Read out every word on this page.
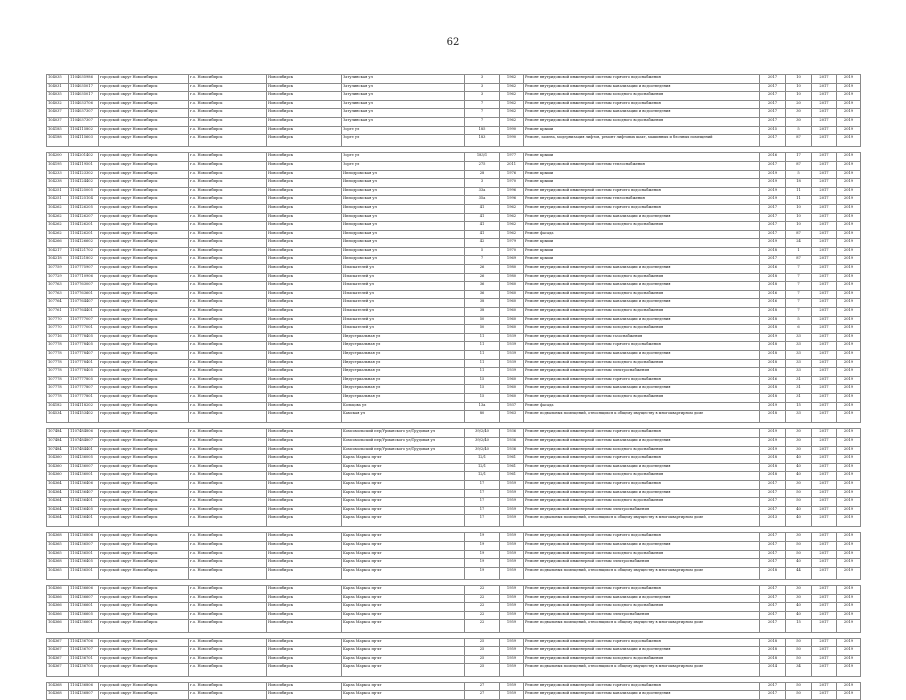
62
104035	1104035986	городской округ Новосибирск	г.о. Новосибирск	Новосибирск	Затулинская ул	3	1962	Ремонт внутридомовой инженерной системы горячего водоснабжения	2017	10	2017	2019
104031	1104035017	городской округ Новосибирск	г.о. Новосибирск	Новосибирск	Затулинская ул	3	1962	Ремонт внутридомовой инженерной системы канализации и водоотведения	2017	10	2017	2019
104035	1104035017	городской округ Новосибирск	г.о. Новосибирск	Новосибирск	Затулинская ул	3	1962	Ремонт внутридомовой инженерной системы холодного водоснабжения	2017	10	2017	2019
104032	1104033706	городской округ Новосибирск	г.о. Новосибирск	Новосибирск	Затулинская ул	7	1962	Ремонт внутридомовой инженерной системы горячего водоснабжения	2017	20	2017	2019
104037	1104037307	городской округ Новосибирск	г.о. Новосибирск	Новосибирск	Затулинская ул	7	1962	Ремонт внутридомовой инженерной системы канализации и водоотведения	2017	30	2017	2019
104037	1104037307	городской округ Новосибирск	г.о. Новосибирск	Новосибирск	Затулинская ул	7	1962	Ремонт внутридомовой инженерной системы холодного водоснабжения	2017	30	2017	2019
104185	1104115802	городской округ Новосибирск	г.о. Новосибирск	Новосибирск	Зорге ул	185	1990	Ремонт крыши	2015	5	2017	2019
104188	1104115603	городской округ Новосибирск	г.о. Новосибирск	Новосибирск	Зорге ул	183	1990	Ремонт, замена, модернизация лифтов, ремонт лифтовых шахт, машинных и блочных помещений	2017	87	2017	2019

104200	1104201402	городской округ Новосибирск	г.о. Новосибирск	Новосибирск	Зорге ул	183/1	1977	Ремонт крыши	2016	17	2017	2019
104195	1104119501	городской округ Новосибирск	г.о. Новосибирск	Новосибирск	Зорге ул	275	2011	Ремонт внутридомовой инженерной системы теплоснабжения	2017	87	2017	2019
104233	1104123302	городской округ Новосибирск	г.о. Новосибирск	Новосибирск	Ипподромская ул	28	1976	Ремонт крыши	2019	5	2017	2019
104238	1104124402	городской округ Новосибирск	г.о. Новосибирск	Новосибирск	Ипподромская ул	3	1970	Ремонт крыши	2019	18	2017	2019
104251	1104125005	городской округ Новосибирск	г.о. Новосибирск	Новосибирск	Ипподромская ул	33а	1996	Ремонт внутридомовой инженерной системы горячего водоснабжения	2019	11	2017	2019
104251	1104125104	городской округ Новосибирск	г.о. Новосибирск	Новосибирск	Ипподромская ул	35а	1996	Ремонт внутридомовой инженерной системы теплоснабжения	2019	11	2017	2019
104262	1104126205	городской округ Новосибирск	г.о. Новосибирск	Новосибирск	Ипподромская ул	41	1962	Ремонт внутридомовой инженерной системы горячего водоснабжения	2017	10	2017	2019
104262	1104126207	городской округ Новосибирск	г.о. Новосибирск	Новосибирск	Ипподромская ул	41	1962	Ремонт внутридомовой инженерной системы канализации и водоотведения	2017	10	2017	2019
104262	1104126201	городской округ Новосибирск	г.о. Новосибирск	Новосибирск	Ипподромская ул	41	1962	Ремонт внутридомовой инженерной системы холодного водоснабжения	2017	10	2017	2019
104262	1104126201	городской округ Новосибирск	г.о. Новосибирск	Новосибирск	Ипподромская ул	41	1962	Ремонт фасада	2017	87	2017	2019
104266	1104126602	городской округ Новосибирск	г.о. Новосибирск	Новосибирск	Ипподромская ул	42	1979	Ремонт крыши	2019	24	2017	2019
104217	1104121702	городской округ Новосибирск	г.о. Новосибирск	Новосибирск	Ипподромская ул	5	1970	Ремонт крыши	2018	1	2017	2019
104218	1104121802	городской округ Новосибирск	г.о. Новосибирск	Новосибирск	Ипподромская ул	7	1969	Ремонт крыши	2017	87	2017	2019
107759	1107775907	городской округ Новосибирск	г.о. Новосибирск	Новосибирск	Изыскателей ул	26	1980	Ремонт внутридомовой инженерной системы канализации и водоотведения	2016	7	2017	2019
107729	1107710906	городской округ Новосибирск	г.о. Новосибирск	Новосибирск	Изыскателей ул	26	1980	Ремонт внутридомовой инженерной системы холодного водоснабжения	2018	7	2017	2019
107763	1107763007	городской округ Новосибирск	г.о. Новосибирск	Новосибирск	Изыскателей ул	36	1960	Ремонт внутридомовой инженерной системы канализации и водоотведения	2018	7	2017	2019
107763	1107763601	городской округ Новосибирск	г.о. Новосибирск	Новосибирск	Изыскателей ул	36	1960	Ремонт внутридомовой инженерной системы холодного водоснабжения	2016	7	2017	2019
107764	1107764407	городской округ Новосибирск	г.о. Новосибирск	Новосибирск	Изыскателей ул	38	1960	Ремонт внутридомовой инженерной системы канализации и водоотведения	2016	7	2017	2019
107761	1107764401	городской округ Новосибирск	г.о. Новосибирск	Новосибирск	Изыскателей ул	38	1960	Ремонт внутридомовой инженерной системы холодного водоснабжения	2018	7	2017	2019
107770	1107777007	городской округ Новосибирск	г.о. Новосибирск	Новосибирск	Изыскателей ул	50	1960	Ремонт внутридомовой инженерной системы канализации и водоотведения	2018	5	2017	2019
107770	1107777001	городской округ Новосибирск	г.о. Новосибирск	Новосибирск	Изыскателей ул	50	1960	Ремонт внутридомовой инженерной системы холодного водоснабжения	2018	6	2017	2019
107716	1107778405	городской округ Новосибирск	г.о. Новосибирск	Новосибирск	Индустриальная ул	11	1939	Ремонт внутридомовой инженерной системы газоснабжения	2019	33	2017	2019
107778	1107778405	городской округ Новосибирск	г.о. Новосибирск	Новосибирск	Индустриальная ул	11	1939	Ремонт внутридомовой инженерной системы горячего водоснабжения	2018	33	2017	2019
107778	1107778407	городской округ Новосибирск	г.о. Новосибирск	Новосибирск	Индустриальная ул	11	1939	Ремонт внутридомовой инженерной системы канализации и водоотведения	2018	33	2017	2019
107778	1107778401	городской округ Новосибирск	г.о. Новосибирск	Новосибирск	Индустриальная ул	11	1939	Ремонт внутридомовой инженерной системы холодного водоснабжения	2018	33	2017	2019
107778	1107778405	городской округ Новосибирск	г.о. Новосибирск	Новосибирск	Индустриальная ул	11	1939	Ремонт внутридомовой инженерной системы электроснабжения	2018	33	2017	2019
107778	1107777805	городской округ Новосибирск	г.о. Новосибирск	Новосибирск	Индустриальная ул	15	1960	Ремонт внутридомовой инженерной системы горячего водоснабжения	2016	31	2017	2019
107778	1107777807	городской округ Новосибирск	г.о. Новосибирск	Новосибирск	Индустриальная ул	15	1960	Ремонт внутридомовой инженерной системы канализации и водоотведения	2018	31	2017	2019
107778	1107777801	городской округ Новосибирск	г.о. Новосибирск	Новосибирск	Индустриальная ул	15	1960	Ремонт внутридомовой инженерной системы холодного водоснабжения	2018	31	2017	2019
104182	1104118202	городской округ Новосибирск	г.о. Новосибирск	Новосибирск	Кольцова ул	13а	1937	Ремонт фасада	2019	15	2017	2019
104534	1104153402	городской округ Новосибирск	г.о. Новосибирск	Новосибирск	Камская ул	80	1963	Ремонт подвальных помещений, относящихся к общему имуществу в многоквартирном доме	2018	33	2017	2019

107484	1107484806	городской округ Новосибирск	г.о. Новосибирск	Новосибирск	Комсомольский пер/Урманского ул/Трудовая ул	39/2/40	1936	Ремонт внутридомовой инженерной системы горячего водоснабжения	2019	30	2017	2019
107484	1107484807	городской округ Новосибирск	г.о. Новосибирск	Новосибирск	Комсомольский пер/Урманского ул/Трудовая ул	39/2/40	1936	Ремонт внутридомовой инженерной системы канализации и водоотведения	2019	30	2017	2019
107484	1107484401	городской округ Новосибирск	г.о. Новосибирск	Новосибирск	Комсомольский пер/Урманского ул/Трудовая ул	39/2/40	1936	Ремонт внутридомовой инженерной системы холодного водоснабжения	2019	30	2017	2019
104360	1104136005	городской округ Новосибирск	г.о. Новосибирск	Новосибирск	Карла Маркса пр-кт	12/1	1961	Ремонт внутридомовой инженерной системы горячего водоснабжения	2018	40	2017	2019
104360	1104136007	городской округ Новосибирск	г.о. Новосибирск	Новосибирск	Карла Маркса пр-кт	12/1	1961	Ремонт внутридомовой инженерной системы канализации и водоотведения	2018	40	2017	2019
104360	1104136001	городской округ Новосибирск	г.о. Новосибирск	Новосибирск	Карла Маркса пр-кт	12/1	1961	Ремонт внутридомовой инженерной системы холодного водоснабжения	2018	40	2017	2019
104364	1104136406	городской округ Новосибирск	г.о. Новосибирск	Новосибирск	Карла Маркса пр-кт	17	1959	Ремонт внутридомовой инженерной системы горячего водоснабжения	2017	30	2017	2019
104364	1104136407	городской округ Новосибирск	г.о. Новосибирск	Новосибирск	Карла Маркса пр-кт	17	1959	Ремонт внутридомовой инженерной системы канализации и водоотведения	2017	50	2017	2019
104364	1104136401	городской округ Новосибирск	г.о. Новосибирск	Новосибирск	Карла Маркса пр-кт	17	1959	Ремонт внутридомовой инженерной системы холодного водоснабжения	2017	50	2017	2019
104364	1104136405	городской округ Новосибирск	г.о. Новосибирск	Новосибирск	Карла Маркса пр-кт	17	1959	Ремонт внутридомовой инженерной системы электроснабжения	2017	40	2017	2019
104364	1104136401	городской округ Новосибирск	г.о. Новосибирск	Новосибирск	Карла Маркса пр-кт	17	1959	Ремонт подвальных помещений, относящихся к общему имуществу в многоквартирном доме	2013	40	2017	2019

104368	1104136806	городской округ Новосибирск	г.о. Новосибирск	Новосибирск	Карла Маркса пр-кт	19	1959	Ремонт внутридомовой инженерной системы горячего водоснабжения	2017	30	2017	2019
104365	1104136507	городской округ Новосибирск	г.о. Новосибирск	Новосибирск	Карла Маркса пр-кт	19	1959	Ремонт внутридомовой инженерной системы канализации и водоотведения	2017	50	2017	2019
104365	1104136501	городской округ Новосибирск	г.о. Новосибирск	Новосибирск	Карла Маркса пр-кт	19	1959	Ремонт внутридомовой инженерной системы холодного водоснабжения	2017	50	2017	2019
104368	1104136405	городской округ Новосибирск	г.о. Новосибирск	Новосибирск	Карла Маркса пр-кт	19	1959	Ремонт внутридомовой инженерной системы электроснабжения	2017	40	2017	2019
104365	1104136501	городской округ Новосибирск	г.о. Новосибирск	Новосибирск	Карла Маркса пр-кт	19	1959	Ремонт подвальных помещений, относящихся к общему имуществу в многоквартирном доме	2018	44	2017	2019

104366	1104136606	городской округ Новосибирск	г.о. Новосибирск	Новосибирск	Карла Маркса пр-кт	22	1959	Ремонт внутридомовой инженерной системы горячего водоснабжения	2017	30	2017	2019
104366	1104136607	городской округ Новосибирск	г.о. Новосибирск	Новосибирск	Карла Маркса пр-кт	22	1959	Ремонт внутридомовой инженерной системы канализации и водоотведения	2017	30	2017	2019
104366	1104136601	городской округ Новосибирск	г.о. Новосибирск	Новосибирск	Карла Маркса пр-кт	22	1959	Ремонт внутридомовой инженерной системы холодного водоснабжения	2017	40	2017	2019
104366	1104136605	городской округ Новосибирск	г.о. Новосибирск	Новосибирск	Карла Маркса пр-кт	22	1959	Ремонт внутридомовой инженерной системы электроснабжения	2017	40	2017	2019
104366	1104136601	городской округ Новосибирск	г.о. Новосибирск	Новосибирск	Карла Маркса пр-кт	22	1959	Ремонт подвальных помещений, относящихся к общему имуществу в многоквартирном доме	2017	15	2017	2019

104367	1104136706	городской округ Новосибирск	г.о. Новосибирск	Новосибирск	Карла Маркса пр-кт	25	1959	Ремонт внутридомовой инженерной системы горячего водоснабжения	2018	50	2017	2019
104367	1104136707	городской округ Новосибирск	г.о. Новосибирск	Новосибирск	Карла Маркса пр-кт	25	1959	Ремонт внутридомовой инженерной системы канализации и водоотведения	2018	50	2017	2019
104367	1104136701	городской округ Новосибирск	г.о. Новосибирск	Новосибирск	Карла Маркса пр-кт	25	1959	Ремонт внутридомовой инженерной системы холодного водоснабжения	2018	50	2017	2019
104367	1104136705	городской округ Новосибирск	г.о. Новосибирск	Новосибирск	Карла Маркса пр-кт	25	1959	Ремонт подвальных помещений, относящихся к общему имуществу в многоквартирном доме	2014	34	2017	2019

104368	1104136806	городской округ Новосибирск	г.о. Новосибирск	Новосибирск	Карла Маркса пр-кт	27	1959	Ремонт внутридомовой инженерной системы горячего водоснабжения	2017	50	2017	2019
104368	1104136807	городской округ Новосибирск	г.о. Новосибирск	Новосибирск	Карла Маркса пр-кт	27	1959	Ремонт внутридомовой инженерной системы канализации и водоотведения	2017	50	2017	2019
